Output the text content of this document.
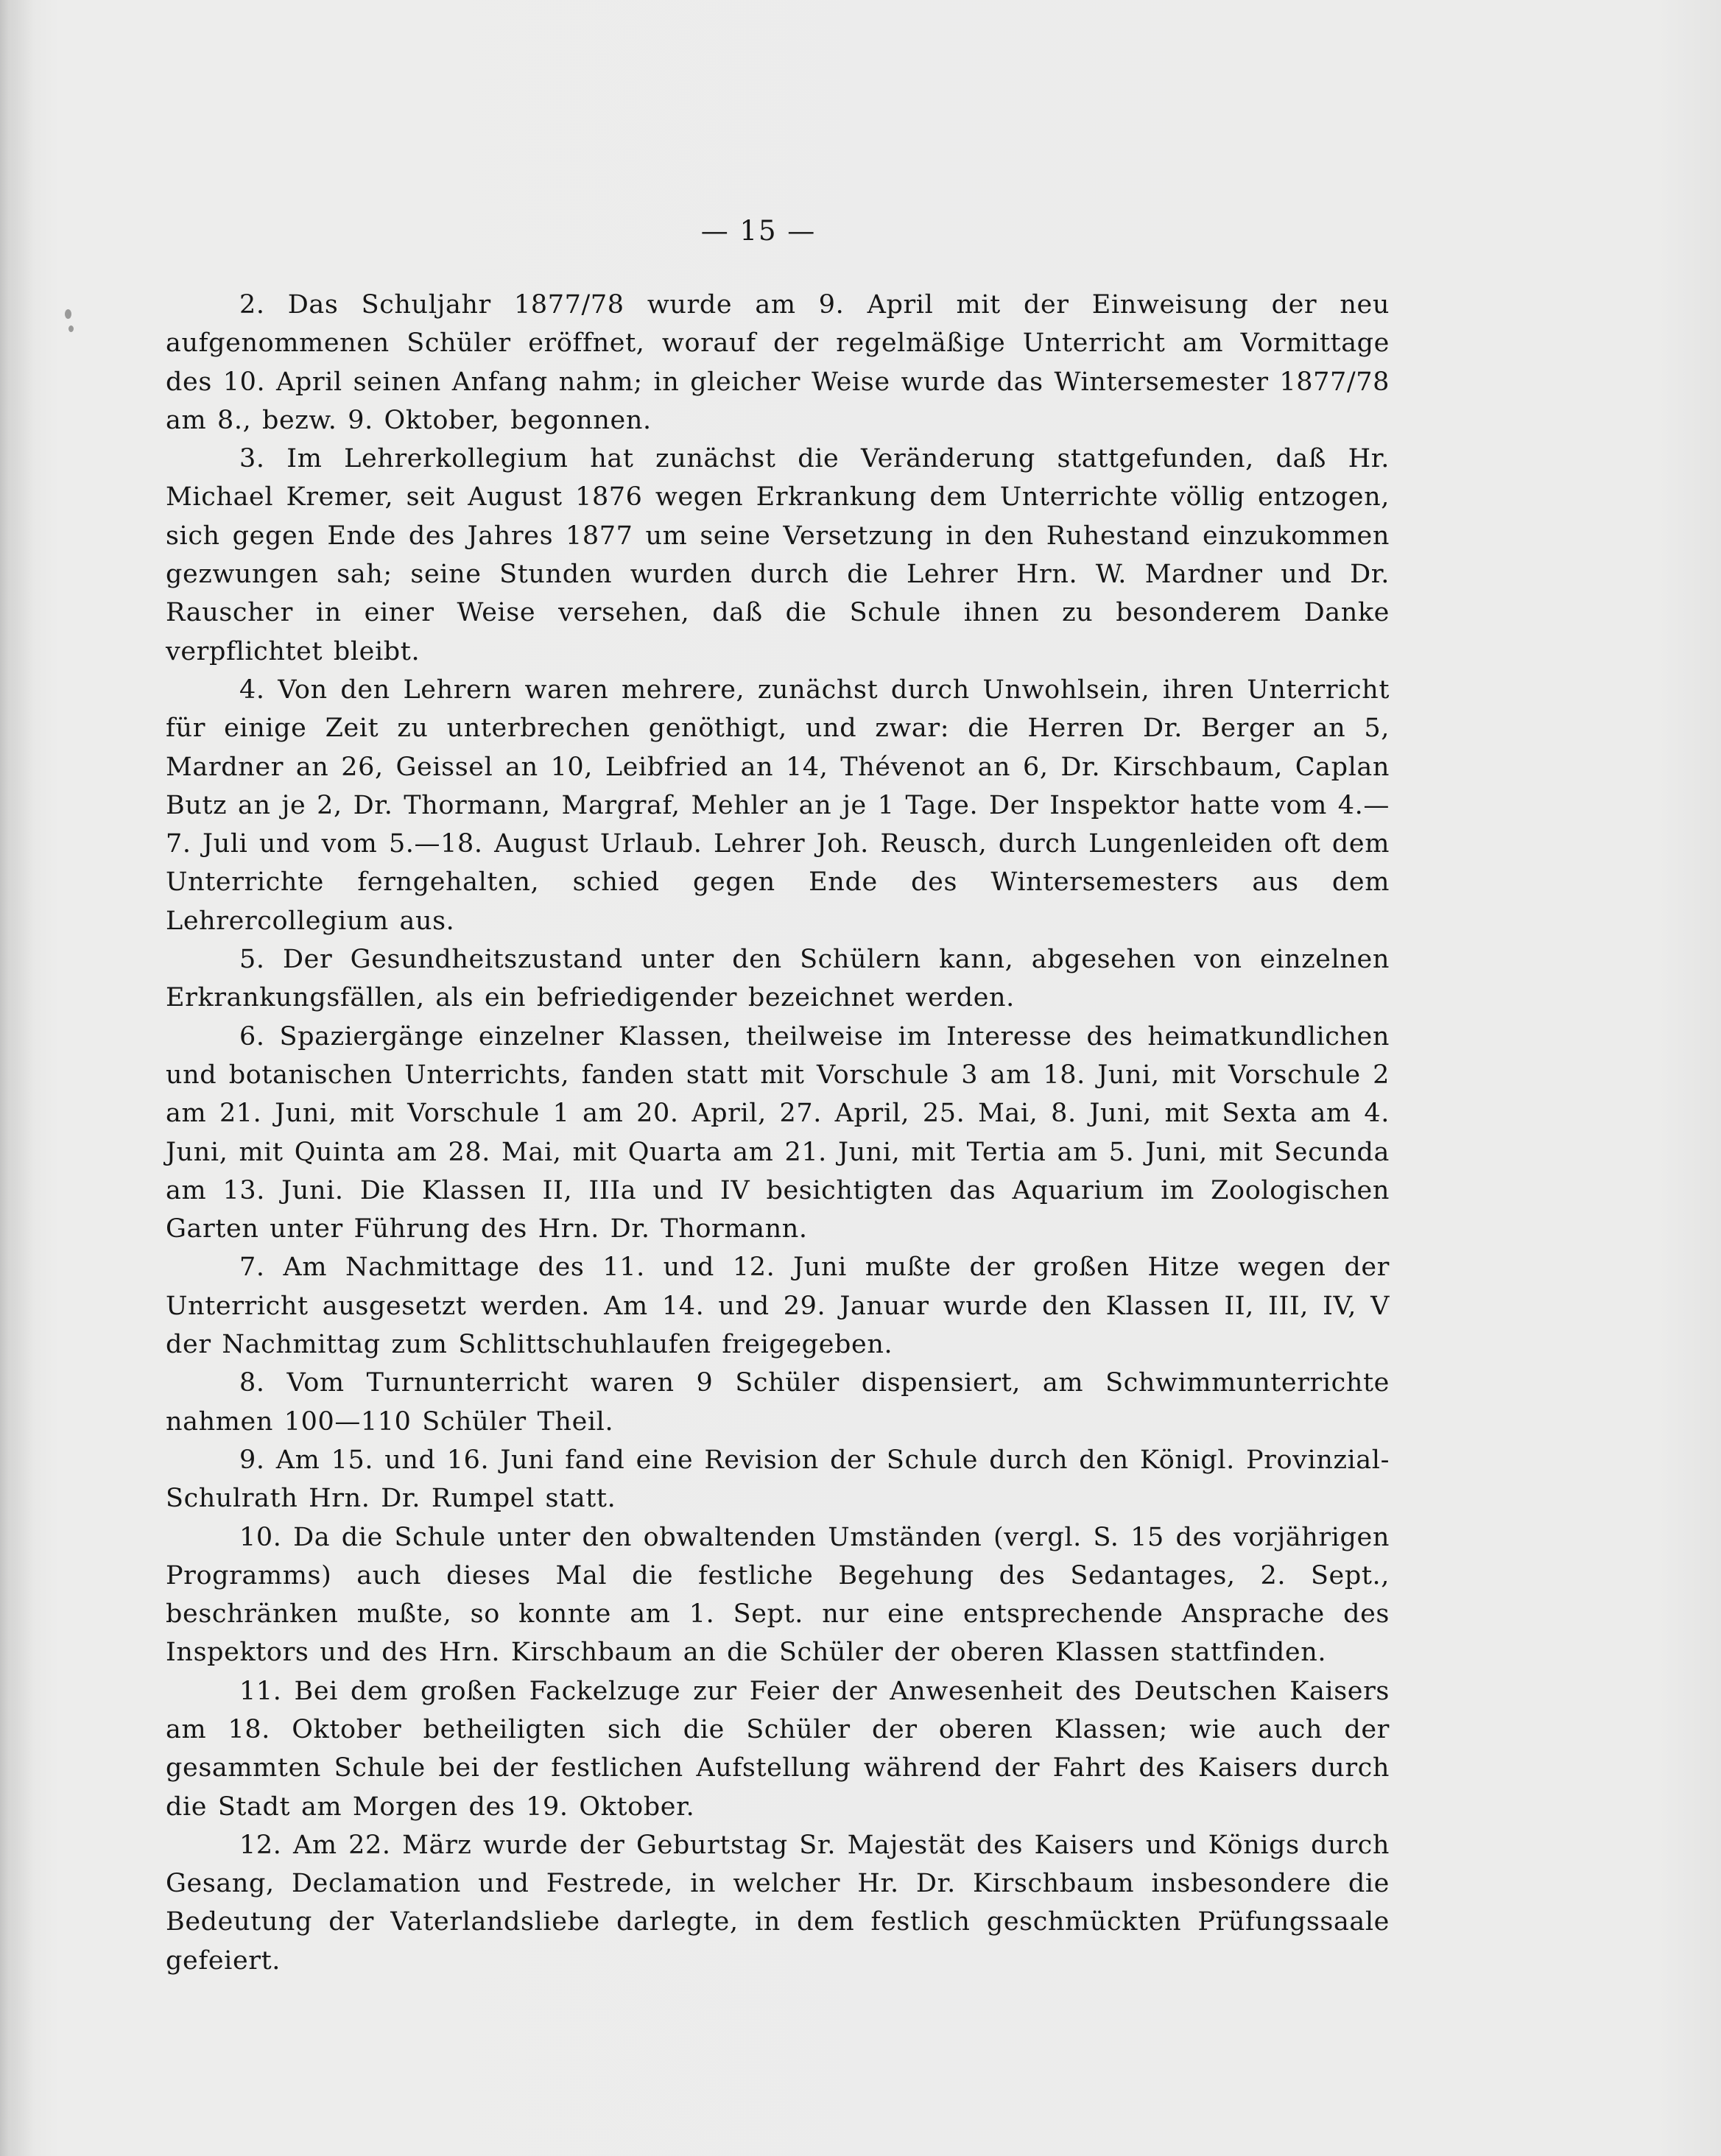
— 15 —

2. Das Schuljahr 1877/78 wurde am 9. April mit der Einweisung der neu aufgenommenen Schüler eröffnet, worauf der regelmäßige Unterricht am Vormittage des 10. April seinen Anfang nahm; in gleicher Weise wurde das Wintersemester 1877/78 am 8., bezw. 9. Oktober, begonnen.

3. Im Lehrerkollegium hat zunächst die Veränderung stattgefunden, daß Hr. Michael Kremer, seit August 1876 wegen Erkrankung dem Unterrichte völlig entzogen, sich gegen Ende des Jahres 1877 um seine Versetzung in den Ruhestand einzukommen gezwungen sah; seine Stunden wurden durch die Lehrer Hrn. W. Mardner und Dr. Rauscher in einer Weise versehen, daß die Schule ihnen zu besonderem Danke verpflichtet bleibt.

4. Von den Lehrern waren mehrere, zunächst durch Unwohlsein, ihren Unterricht für einige Zeit zu unterbrechen genöthigt, und zwar: die Herren Dr. Berger an 5, Mardner an 26, Geissel an 10, Leibfried an 14, Thévenot an 6, Dr. Kirschbaum, Caplan Butz an je 2, Dr. Thormann, Margraf, Mehler an je 1 Tage. Der Inspektor hatte vom 4.—7. Juli und vom 5.—18. August Urlaub. Lehrer Joh. Reusch, durch Lungenleiden oft dem Unterrichte ferngehalten, schied gegen Ende des Wintersemesters aus dem Lehrercollegium aus.

5. Der Gesundheitszustand unter den Schülern kann, abgesehen von einzelnen Erkrankungsfällen, als ein befriedigender bezeichnet werden.

6. Spaziergänge einzelner Klassen, theilweise im Interesse des heimatkundlichen und botanischen Unterrichts, fanden statt mit Vorschule 3 am 18. Juni, mit Vorschule 2 am 21. Juni, mit Vorschule 1 am 20. April, 27. April, 25. Mai, 8. Juni, mit Sexta am 4. Juni, mit Quinta am 28. Mai, mit Quarta am 21. Juni, mit Tertia am 5. Juni, mit Secunda am 13. Juni. Die Klassen II, IIIa und IV besichtigten das Aquarium im Zoologischen Garten unter Führung des Hrn. Dr. Thormann.

7. Am Nachmittage des 11. und 12. Juni mußte der großen Hitze wegen der Unterricht ausgesetzt werden. Am 14. und 29. Januar wurde den Klassen II, III, IV, V der Nachmittag zum Schlittschuhlaufen freigegeben.

8. Vom Turnunterricht waren 9 Schüler dispensiert, am Schwimmunterrichte nahmen 100—110 Schüler Theil.

9. Am 15. und 16. Juni fand eine Revision der Schule durch den Königl. Provinzial-Schulrath Hrn. Dr. Rumpel statt.

10. Da die Schule unter den obwaltenden Umständen (vergl. S. 15 des vorjährigen Programms) auch dieses Mal die festliche Begehung des Sedantages, 2. Sept., beschränken mußte, so konnte am 1. Sept. nur eine entsprechende Ansprache des Inspektors und des Hrn. Kirschbaum an die Schüler der oberen Klassen stattfinden.

11. Bei dem großen Fackelzuge zur Feier der Anwesenheit des Deutschen Kaisers am 18. Oktober betheiligten sich die Schüler der oberen Klassen; wie auch der gesammten Schule bei der festlichen Aufstellung während der Fahrt des Kaisers durch die Stadt am Morgen des 19. Oktober.

12. Am 22. März wurde der Geburtstag Sr. Majestät des Kaisers und Königs durch Gesang, Declamation und Festrede, in welcher Hr. Dr. Kirschbaum insbesondere die Bedeutung der Vaterlandsliebe darlegte, in dem festlich geschmückten Prüfungssaale gefeiert.
